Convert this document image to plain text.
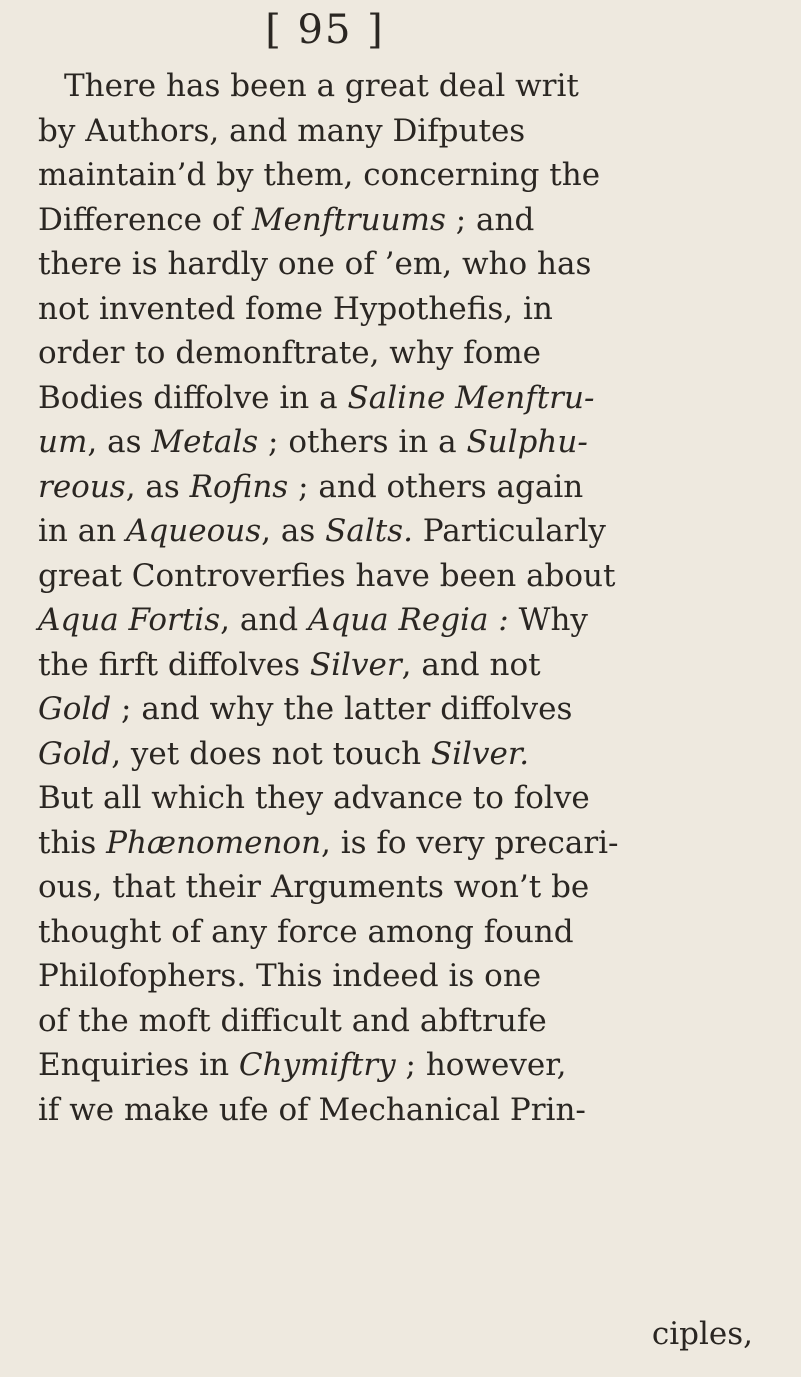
[ 95 ]
There has been a great deal writ
by Authors, and many Difputes
maintain’d by them, concerning the
Difference of Menftruums ; and
there is hardly one of ’em, who has
not invented fome Hypothefis, in
order to demonftrate, why fome
Bodies diffolve in a Saline Menftru-
um, as Metals ; others in a Sulphu-
reous, as Rofins ; and others again
in an Aqueous, as Salts. Particularly
great Controverfies have been about
Aqua Fortis, and Aqua Regia : Why
the firft diffolves Silver, and not
Gold ; and why the latter diffolves
Gold, yet does not touch Silver.
But all which they advance to folve
this Phænomenon, is fo very precari-
ous, that their Arguments won’t be
thought of any force among found
Philofophers. This indeed is one
of the moft difficult and abftrufe
Enquiries in Chymiftry ; however,
if we make ufe of Mechanical Prin-
ciples,
